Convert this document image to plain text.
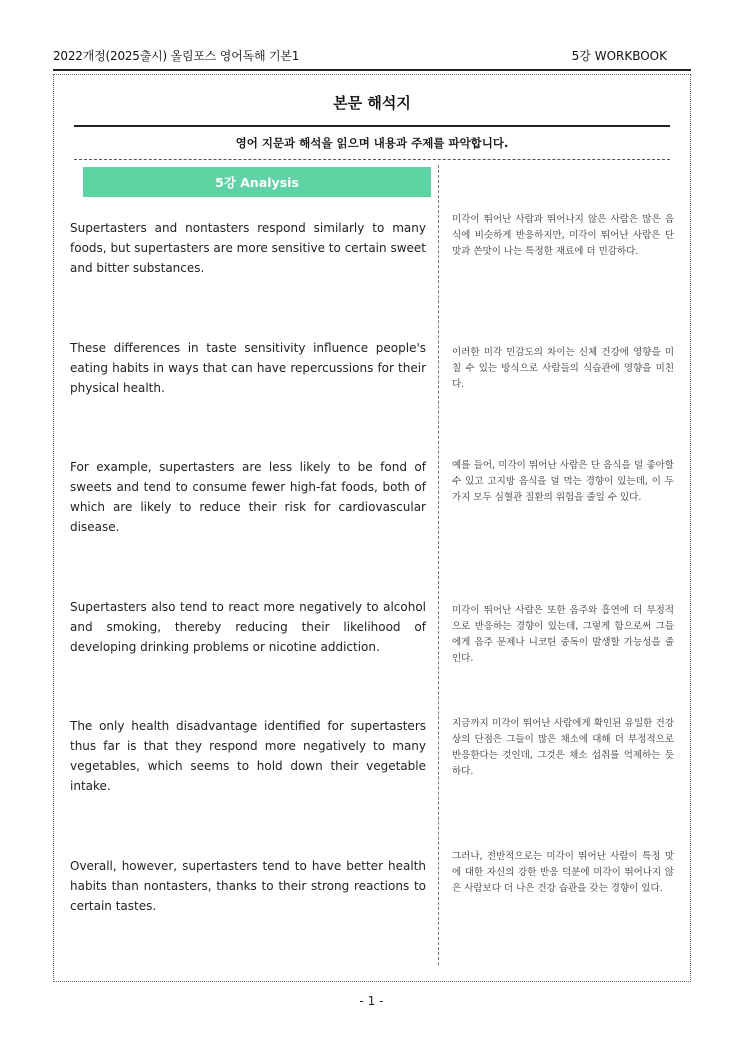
2022개정(2025출시) 올림포스 영어독해 기본1	5강 WORKBOOK
본문 해석지
영어 지문과 해석을 읽으며 내용과 주제를 파악합니다.
5강 Analysis

Supertasters and nontasters respond similarly to many foods, but supertasters are more sensitive to certain sweet and bitter substances.

미각이 뛰어난 사람과 뛰어나지 않은 사람은 많은 음식에 비슷하게 반응하지만, 미각이 뛰어난 사람은 단맛과 쓴맛이 나는 특정한 재료에 더 민감하다.

These differences in taste sensitivity influence people's eating habits in ways that can have repercussions for their physical health.

이러한 미각 민감도의 차이는 신체 건강에 영향을 미칠 수 있는 방식으로 사람들의 식습관에 영향을 미친다.

For example, supertasters are less likely to be fond of sweets and tend to consume fewer high-fat foods, both of which are likely to reduce their risk for cardiovascular disease.

예를 들어, 미각이 뛰어난 사람은 단 음식을 덜 좋아할 수 있고 고지방 음식을 덜 먹는 경향이 있는데, 이 두 가지 모두 심혈관 질환의 위험을 줄일 수 있다.

Supertasters also tend to react more negatively to alcohol and smoking, thereby reducing their likelihood of developing drinking problems or nicotine addiction.

미각이 뛰어난 사람은 또한 음주와 흡연에 더 부정적으로 반응하는 경향이 있는데, 그렇게 함으로써 그들에게 음주 문제나 니코틴 중독이 발생할 가능성을 줄인다.

The only health disadvantage identified for supertasters thus far is that they respond more negatively to many vegetables, which seems to hold down their vegetable intake.

지금까지 미각이 뛰어난 사람에게 확인된 유일한 건강상의 단점은 그들이 많은 채소에 대해 더 부정적으로 반응한다는 것인데, 그것은 채소 섭취를 억제하는 듯하다.

Overall, however, supertasters tend to have better health habits than nontasters, thanks to their strong reactions to certain tastes.

그러나, 전반적으로는 미각이 뛰어난 사람이 특정 맛에 대한 자신의 강한 반응 덕분에 미각이 뛰어나지 않은 사람보다 더 나은 건강 습관을 갖는 경향이 있다.

- 1 -
